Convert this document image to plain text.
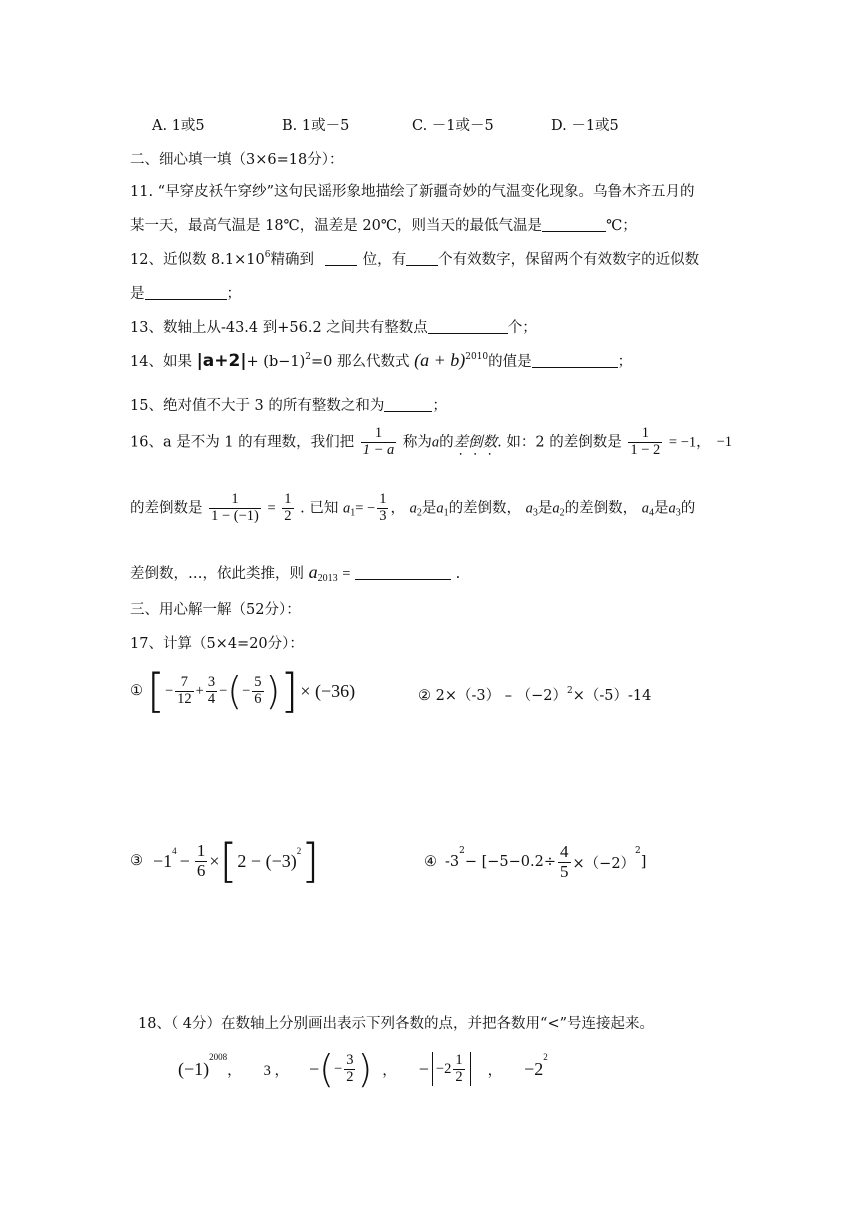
A. 1或5	B. 1或－5	C. －1或－5	D. －1或5
二、细心填一填（3×6=18分）：
11. “早穿皮袄午穿纱”这句民谣形象地描绘了新疆奇妙的气温变化现象。乌鲁木齐五月的
某一天，最高气温是 18℃，温差是 20℃，则当天的最低气温是	℃；
12、近似数 $8.1\times 10^6$精确到	位，有 个有效数字，保留两个有效数字的近似数
是	；
13、数轴上从-43.4 到+56.2 之间共有整数点	个；
14、如果 $|a+2|+ (b-1)^2=0$ 那么代数式 $(a + b)^{2010}$的值是	；
15、绝对值不大于 3 的所有整数之和为	；
16、a 是不为 1 的有理数，我们把 $\frac{1}{1 - a}$ 称为a的差倒数. 如：2 的差倒数是 $\frac{1}{1 - 2} = -1$， −1
的差倒数是 $\frac{1}{1 - (-1)} = \frac{1}{2}$ . 已知 $a_1= - \frac{1}{3}$ ， $a_2$是$a_1$的差倒数， $a_3$是$a_2$的差倒数， $a_4$是$a_3$的
差倒数，…，依此类推，则 $a_{2013}$ =	.
三、用心解一解（52分）：
17、计算（5×4=20分）：
① [ − $\frac{7}{12} + \frac{3}{4}$ − ( − $\frac{5}{6}$ ) ] × (−36)	② $2\times(-3) - (-2)^2\times(-5)-14$
③ $-1^4 - \frac{1}{6}$ × [ $2 - (-3)^2$ ]	④ -3
$^2$
− [$-5-0.2\div \frac{4}{5} \times(-2)$
$^2$
]
18、（ 4分）在数轴上分别画出表示下列各数的点，并把各数用“<”号连接起来。
(−1)
$^{2008}$
， 3 ， − ( − $\frac{3}{2}$ ) ， − $-2 \frac{1}{2}$ ， −2
$^2$
